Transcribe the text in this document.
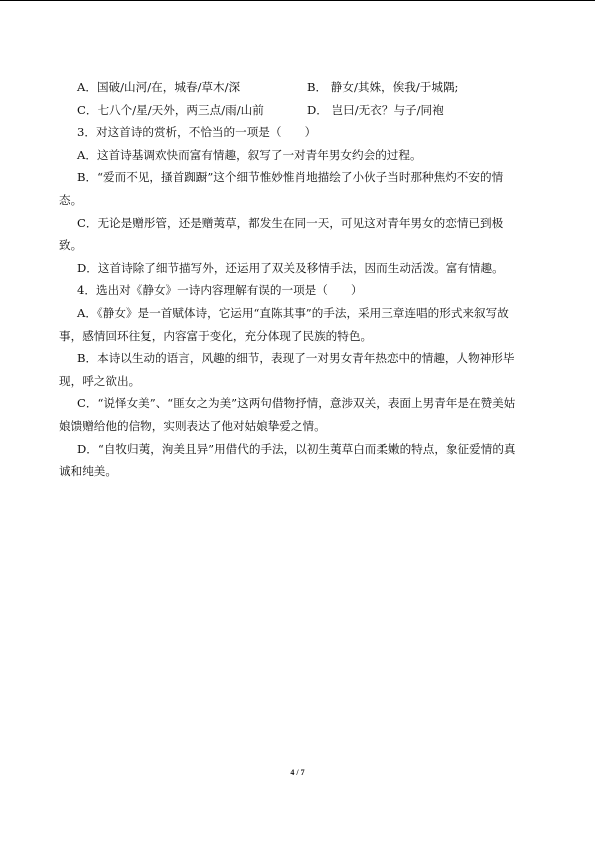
A．国破/山河/在，城春/草木/深	B． 静女/其姝，俟我/于城隅;
C．七八个/星/天外，两三点/雨/山前	D． 岂曰/无衣？与子/同袍
3．对这首诗的赏析，不恰当的一项是（　　）
A．这首诗基调欢快而富有情趣，叙写了一对青年男女约会的过程。
B．“爱而不见，搔首踟蹰”这个细节惟妙惟肖地描绘了小伙子当时那种焦灼不安的情
态。
C．无论是赠彤管，还是赠荑草，都发生在同一天，可见这对青年男女的恋情已到极
致。
D．这首诗除了细节描写外，还运用了双关及移情手法，因而生动活泼。富有情趣。
4．选出对《静女》一诗内容理解有误的一项是（　　）
A．《静女》是一首赋体诗，它运用“直陈其事”的手法，采用三章连唱的形式来叙写故
事，感情回环往复，内容富于变化，充分体现了民族的特色。
B．本诗以生动的语言，风趣的细节，表现了一对男女青年热恋中的情趣，人物神形毕
现，呼之欲出。
C．“说怿女美”、“匪女之为美”这两句借物抒情，意涉双关，表面上男青年是在赞美姑
娘馈赠给他的信物，实则表达了他对姑娘挚爱之情。
D．“自牧归荑，洵美且异”用借代的手法，以初生荑草白而柔嫩的特点，象征爱情的真
诚和纯美。
4 / 7
